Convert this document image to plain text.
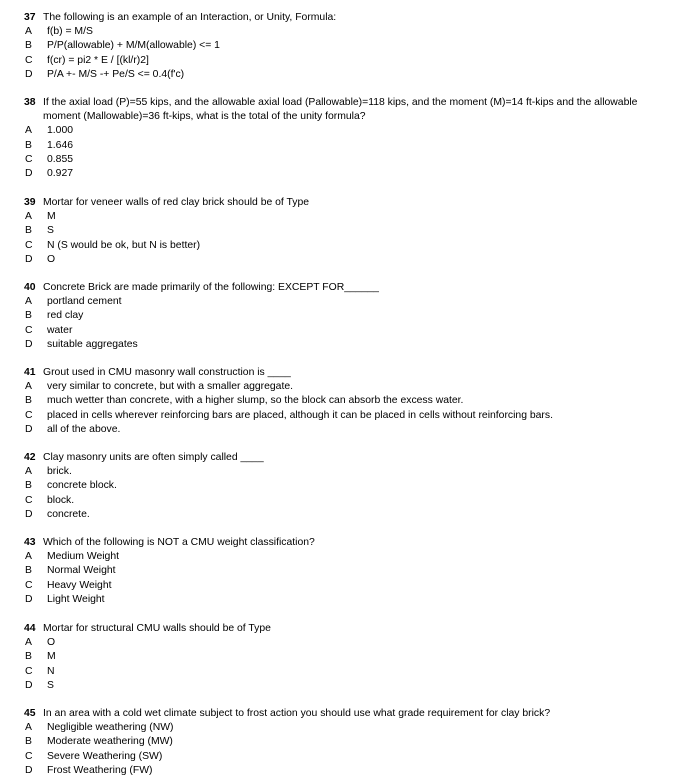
37 The following is an example of an Interaction, or Unity, Formula:
A	f(b) = M/S
B	P/P(allowable) + M/M(allowable) <= 1
C	f(cr) = pi2 * E / [(kl/r)2]
D	P/A +- M/S -+ Pe/S <= 0.4(f'c)
38 If the axial load (P)=55 kips, and the allowable axial load (Pallowable)=118 kips, and the moment (M)=14 ft-kips and the allowable moment (Mallowable)=36 ft-kips, what is the total of the unity formula?
A	1.000
B	1.646
C	0.855
D	0.927
39 Mortar for veneer walls of red clay brick should be of Type
A	M
B	S
C	N (S would be ok, but N is better)
D	O
40 Concrete Brick are made primarily of the following: EXCEPT FOR______
A	portland cement
B	red clay
C	water
D	suitable aggregates
41 Grout used in CMU masonry wall construction is ____
A	very similar to concrete, but with a smaller aggregate.
B	much wetter than concrete, with a higher slump, so the block can absorb the excess water.
C	placed in cells wherever reinforcing bars are placed, although it can be placed in cells without reinforcing bars.
D	all of the above.
42 Clay masonry units are often simply called ____
A	brick.
B	concrete block.
C	block.
D	concrete.
43 Which of the following is NOT a CMU weight classification?
A	Medium Weight
B	Normal Weight
C	Heavy Weight
D	Light Weight
44 Mortar for structural CMU walls should be of Type
A	O
B	M
C	N
D	S
45 In an area with a cold wet climate subject to frost action you should use what grade requirement for clay brick?
A	Negligible weathering (NW)
B	Moderate weathering (MW)
C	Severe Weathering (SW)
D	Frost Weathering (FW)
